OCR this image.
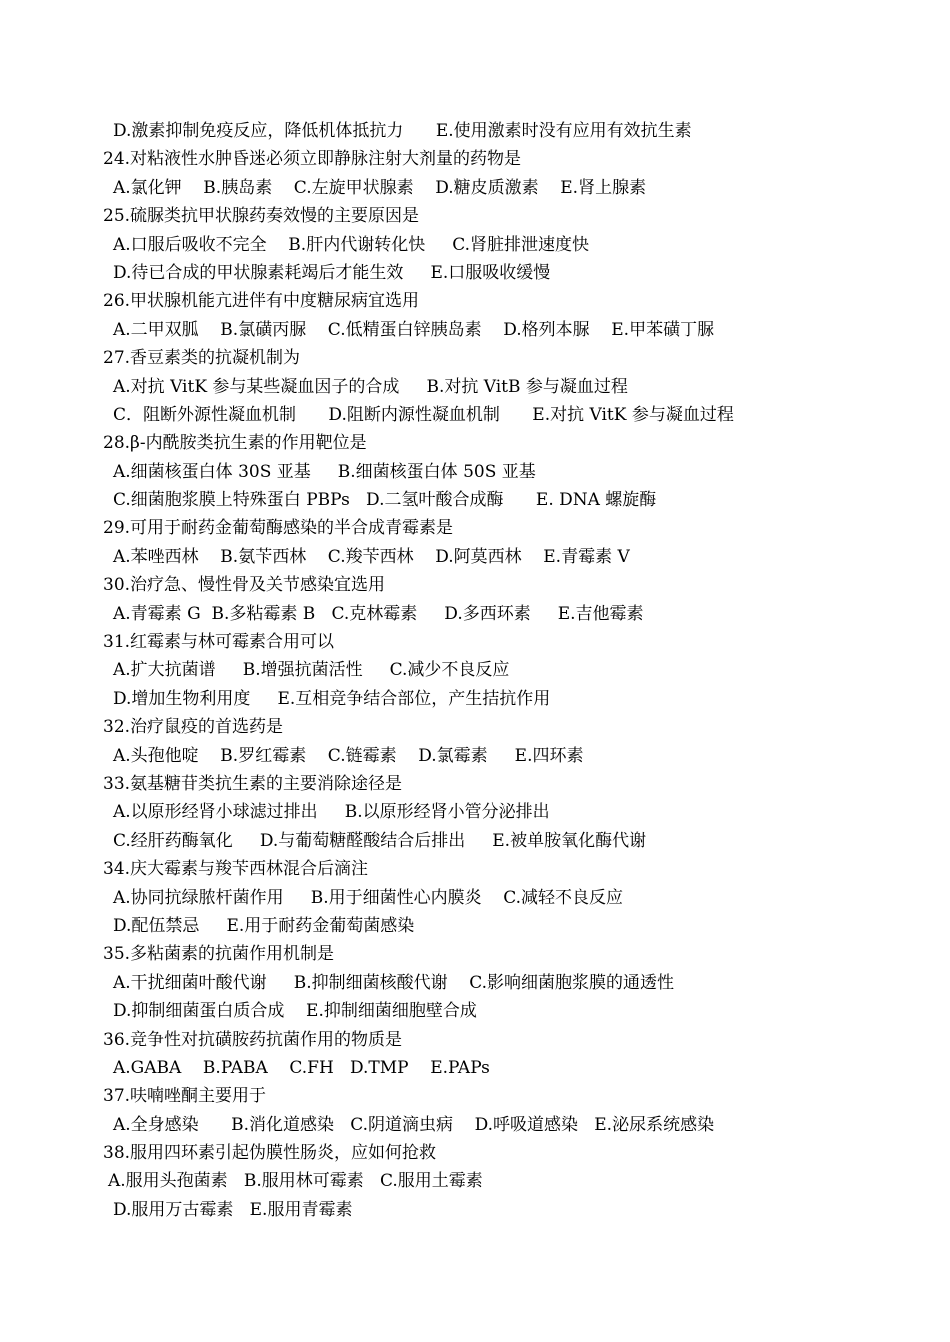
D.激素抑制免疫反应，降低机体抵抗力      E.使用激素时没有应用有效抗生素
24.对粘液性水肿昏迷必须立即静脉注射大剂量的药物是
A.氯化钾    B.胰岛素    C.左旋甲状腺素    D.糖皮质激素    E.肾上腺素
25.硫脲类抗甲状腺药奏效慢的主要原因是
A.口服后吸收不完全    B.肝内代谢转化快     C.肾脏排泄速度快
D.待已合成的甲状腺素耗竭后才能生效     E.口服吸收缓慢
26.甲状腺机能亢进伴有中度糖尿病宜选用
A.二甲双胍    B.氯磺丙脲    C.低精蛋白锌胰岛素    D.格列本脲    E.甲苯磺丁脲
27.香豆素类的抗凝机制为
A.对抗 VitK 参与某些凝血因子的合成     B.对抗 VitB 参与凝血过程
C．阻断外源性凝血机制      D.阻断内源性凝血机制      E.对抗 VitK 参与凝血过程
28.β-内酰胺类抗生素的作用靶位是
A.细菌核蛋白体 30S 亚基     B.细菌核蛋白体 50S 亚基
C.细菌胞浆膜上特殊蛋白 PBPs   D.二氢叶酸合成酶      E. DNA 螺旋酶
29.可用于耐药金葡萄酶感染的半合成青霉素是
A.苯唑西林    B.氨苄西林    C.羧苄西林    D.阿莫西林    E.青霉素 V
30.治疗急、慢性骨及关节感染宜选用
A.青霉素 G  B.多粘霉素 B   C.克林霉素     D.多西环素     E.吉他霉素
31.红霉素与林可霉素合用可以
A.扩大抗菌谱     B.增强抗菌活性     C.减少不良反应
D.增加生物利用度     E.互相竞争结合部位，产生拮抗作用
32.治疗鼠疫的首选药是
A.头孢他啶    B.罗红霉素    C.链霉素    D.氯霉素     E.四环素
33.氨基糖苷类抗生素的主要消除途径是
A.以原形经肾小球滤过排出     B.以原形经肾小管分泌排出
C.经肝药酶氧化     D.与葡萄糖醛酸结合后排出     E.被单胺氧化酶代谢
34.庆大霉素与羧苄西林混合后滴注
A.协同抗绿脓杆菌作用     B.用于细菌性心内膜炎    C.减轻不良反应
D.配伍禁忌     E.用于耐药金葡萄菌感染
35.多粘菌素的抗菌作用机制是
A.干扰细菌叶酸代谢     B.抑制细菌核酸代谢    C.影响细菌胞浆膜的通透性
D.抑制细菌蛋白质合成    E.抑制细菌细胞壁合成
36.竞争性对抗磺胺药抗菌作用的物质是
A.GABA    B.PABA    C.FH   D.TMP    E.PAPs
37.呋喃唑酮主要用于
A.全身感染      B.消化道感染   C.阴道滴虫病    D.呼吸道感染   E.泌尿系统感染
38.服用四环素引起伪膜性肠炎，应如何抢救
A.服用头孢菌素   B.服用林可霉素   C.服用土霉素
D.服用万古霉素   E.服用青霉素
